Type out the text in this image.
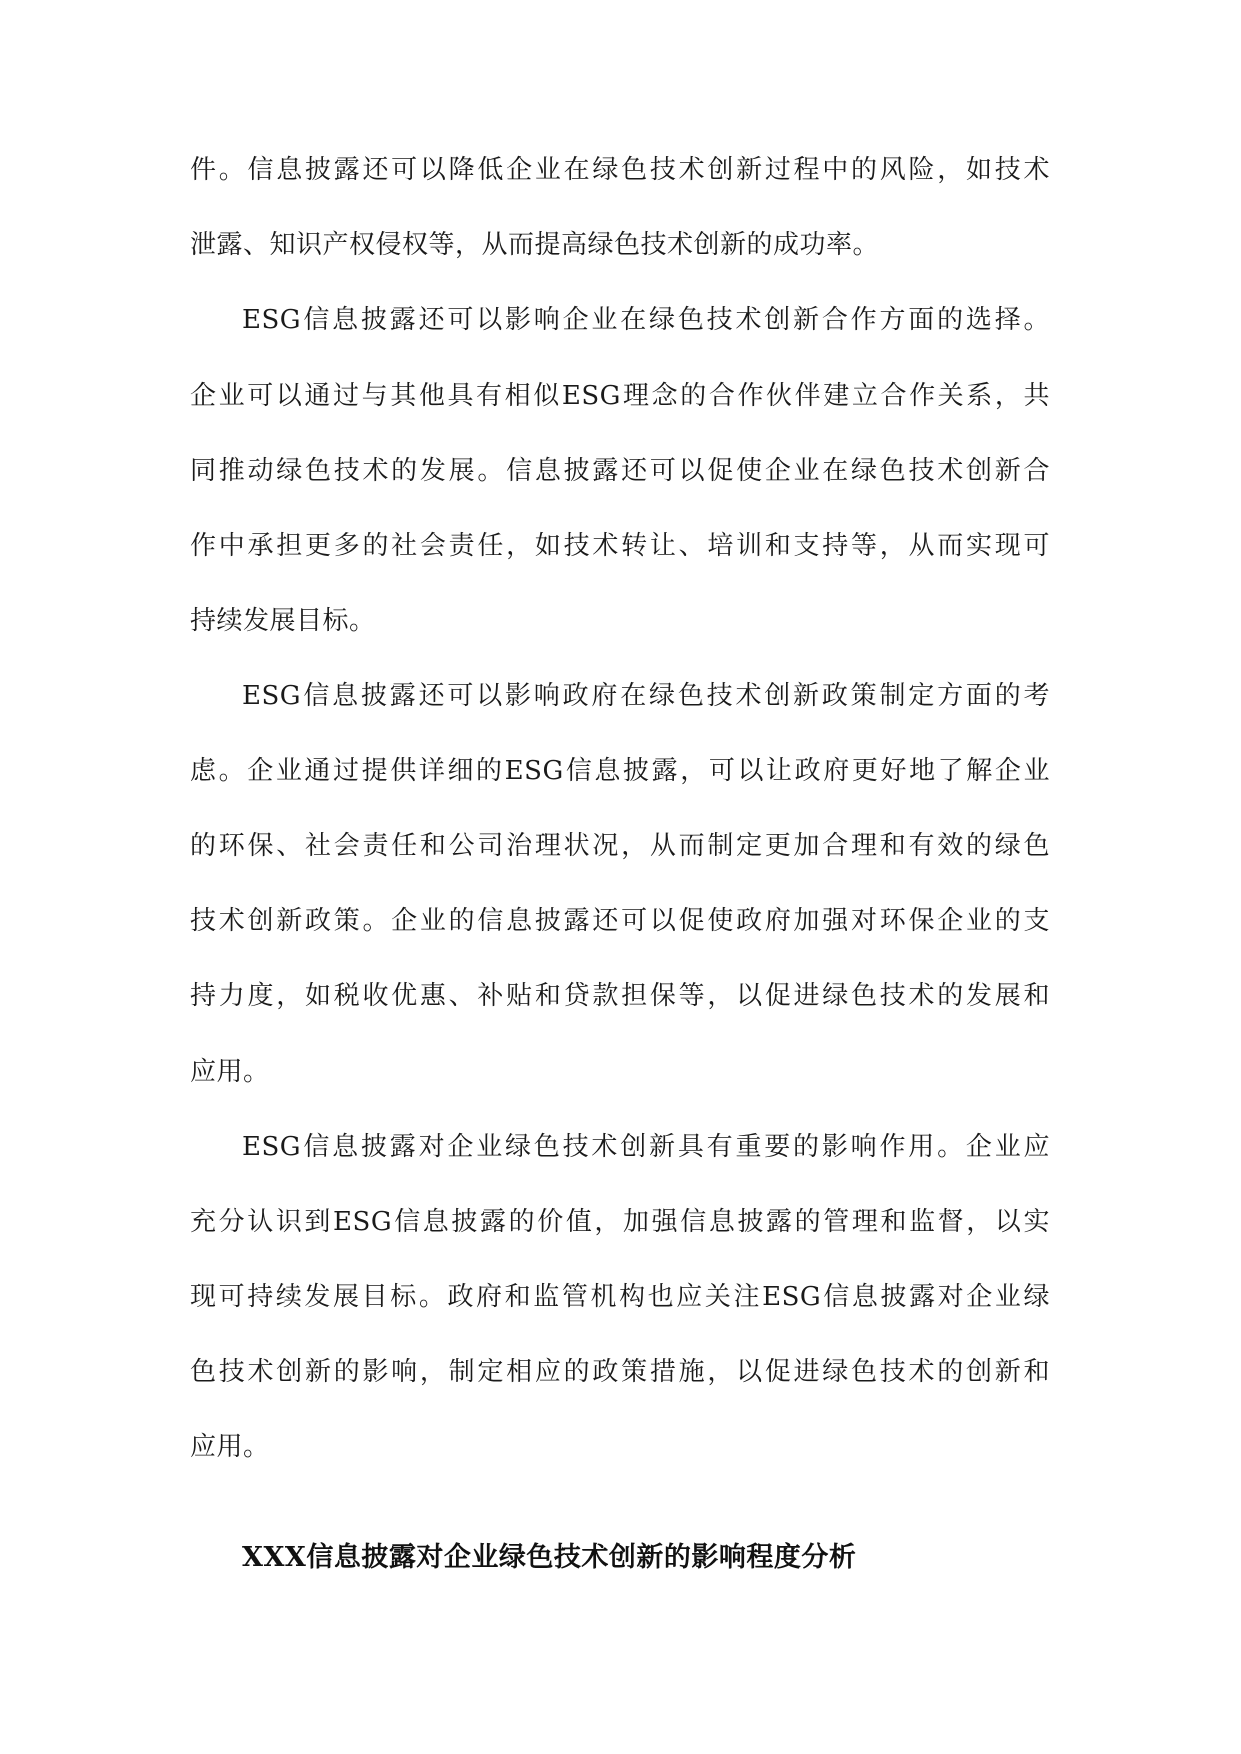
件。信息披露还可以降低企业在绿色技术创新过程中的风险，如技术
泄露、知识产权侵权等，从而提高绿色技术创新的成功率。
ESG信息披露还可以影响企业在绿色技术创新合作方面的选择。
企业可以通过与其他具有相似ESG理念的合作伙伴建立合作关系，共
同推动绿色技术的发展。信息披露还可以促使企业在绿色技术创新合
作中承担更多的社会责任，如技术转让、培训和支持等，从而实现可
持续发展目标。
ESG信息披露还可以影响政府在绿色技术创新政策制定方面的考
虑。企业通过提供详细的ESG信息披露，可以让政府更好地了解企业
的环保、社会责任和公司治理状况，从而制定更加合理和有效的绿色
技术创新政策。企业的信息披露还可以促使政府加强对环保企业的支
持力度，如税收优惠、补贴和贷款担保等，以促进绿色技术的发展和
应用。
ESG信息披露对企业绿色技术创新具有重要的影响作用。企业应
充分认识到ESG信息披露的价值，加强信息披露的管理和监督，以实
现可持续发展目标。政府和监管机构也应关注ESG信息披露对企业绿
色技术创新的影响，制定相应的政策措施，以促进绿色技术的创新和
应用。
XXX信息披露对企业绿色技术创新的影响程度分析
